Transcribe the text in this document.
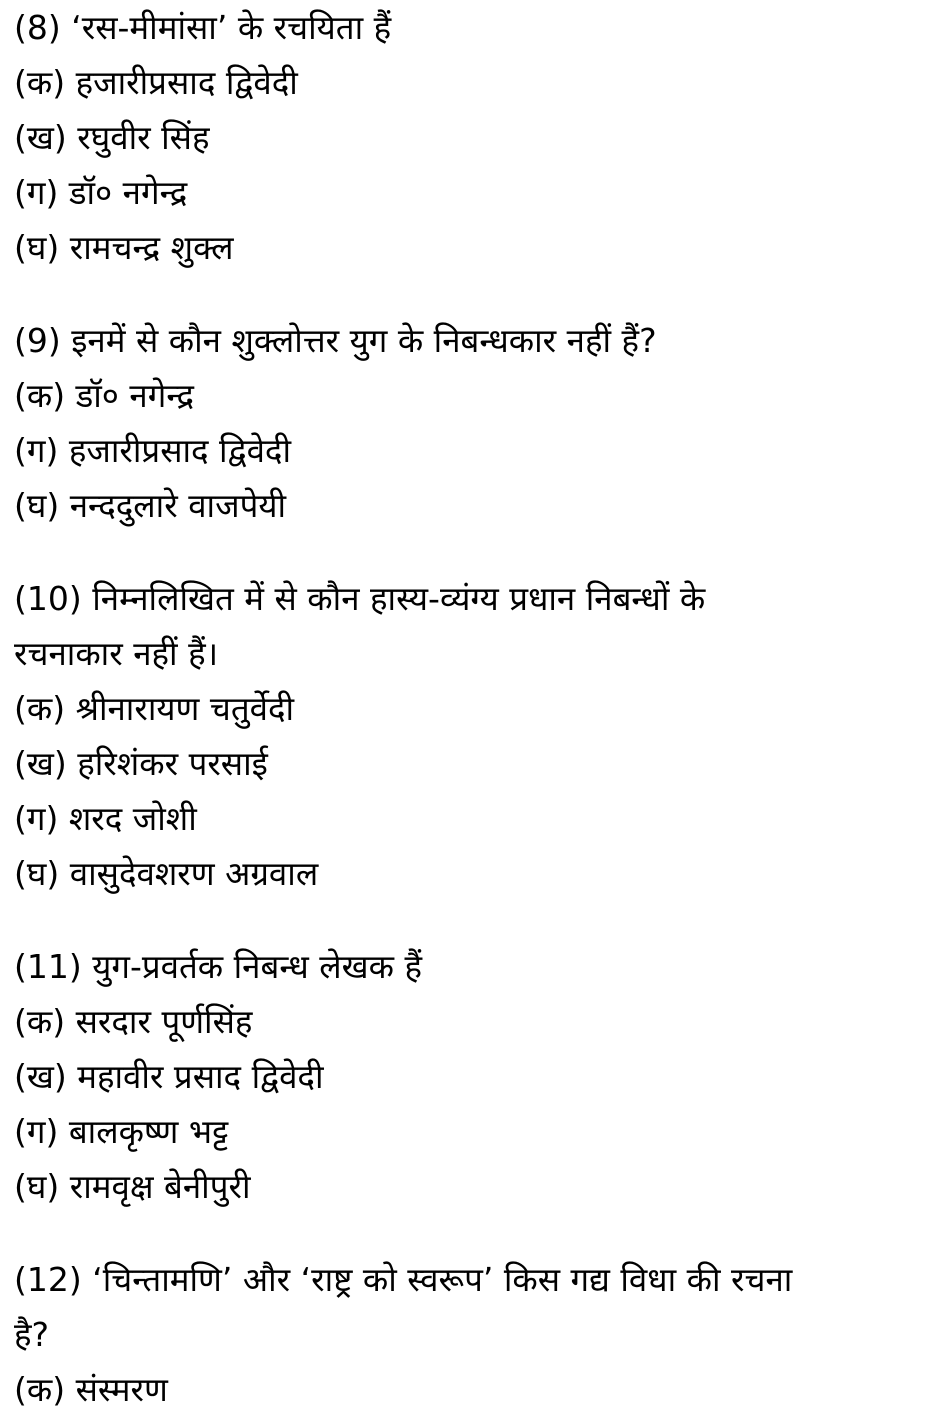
(8) ‘रस-मीमांसा’ के रचयिता हैं

(क) हजारीप्रसाद द्विवेदी

(ख) रघुवीर सिंह

(ग) डॉ० नगेन्द्र

(घ) रामचन्द्र शुक्ल

(9) इनमें से कौन शुक्लोत्तर युग के निबन्धकार नहीं हैं?

(क) डॉ० नगेन्द्र

(ग) हजारीप्रसाद द्विवेदी

(घ) नन्ददुलारे वाजपेयी

(10) निम्नलिखित में से कौन हास्य-व्यंग्य प्रधान निबन्धों के

रचनाकार नहीं हैं।

(क) श्रीनारायण चतुर्वेदी

(ख) हरिशंकर परसाई

(ग) शरद जोशी

(घ) वासुदेवशरण अग्रवाल

(11) युग-प्रवर्तक निबन्ध लेखक हैं

(क) सरदार पूर्णसिंह

(ख) महावीर प्रसाद द्विवेदी

(ग) बालकृष्ण भट्ट

(घ) रामवृक्ष बेनीपुरी

(12) ‘चिन्तामणि’ और ‘राष्ट्र को स्वरूप’ किस गद्य विधा की रचना

है?

(क) संस्मरण
